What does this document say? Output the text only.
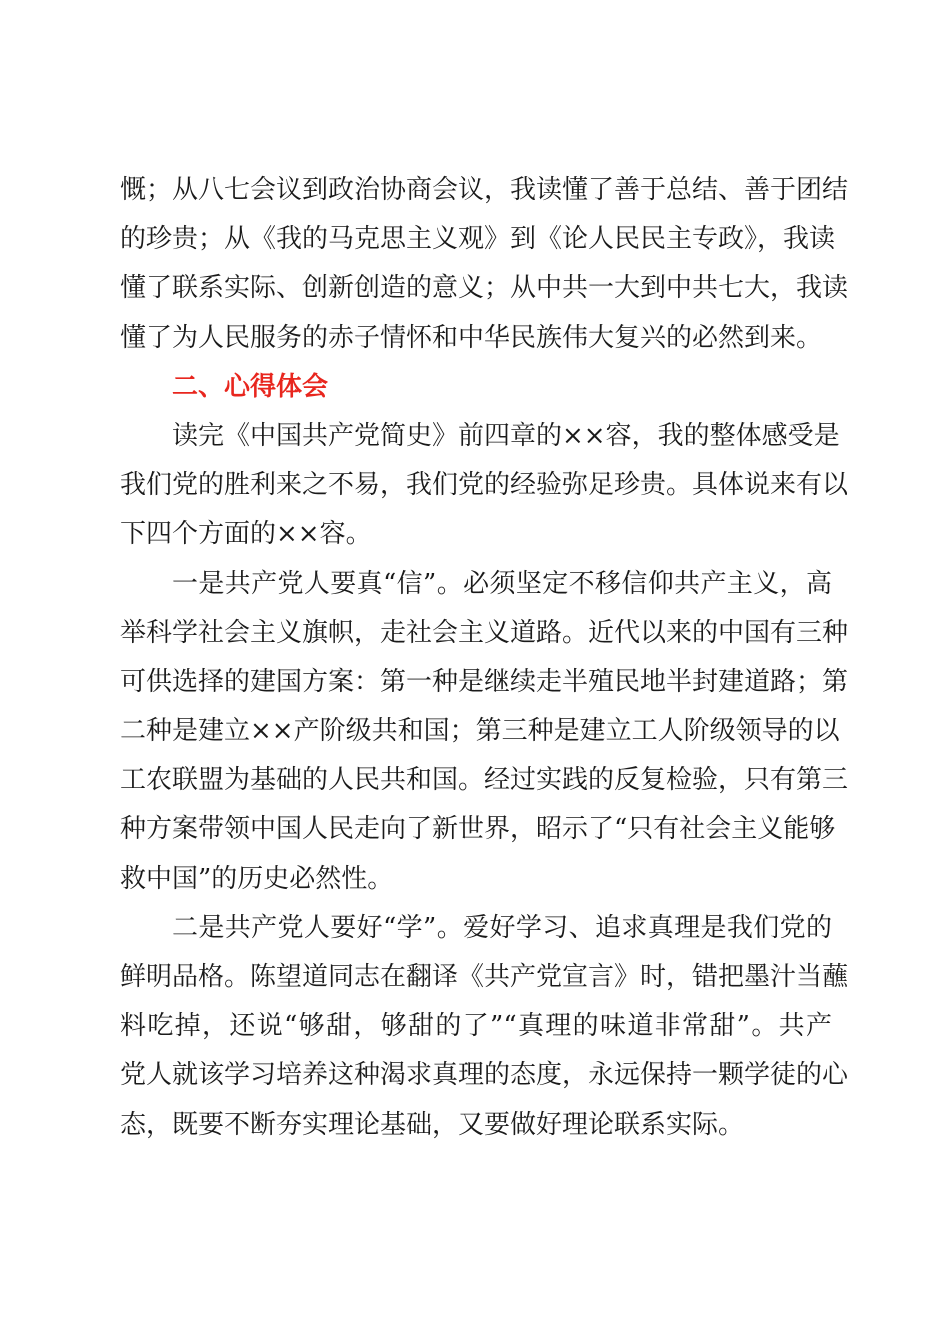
慨；从八七会议到政治协商会议，我读懂了善于总结、善于团结
的珍贵；从《我的马克思主义观》到《论人民民主专政》，我读
懂了联系实际、创新创造的意义；从中共一大到中共七大，我读
懂了为人民服务的赤子情怀和中华民族伟大复兴的必然到来。
二、心得体会
读完《中国共产党简史》前四章的××容，我的整体感受是
我们党的胜利来之不易，我们党的经验弥足珍贵。具体说来有以
下四个方面的××容。
一是共产党人要真“信”。必须坚定不移信仰共产主义，高
举科学社会主义旗帜，走社会主义道路。近代以来的中国有三种
可供选择的建国方案：第一种是继续走半殖民地半封建道路；第
二种是建立××产阶级共和国；第三种是建立工人阶级领导的以
工农联盟为基础的人民共和国。经过实践的反复检验，只有第三
种方案带领中国人民走向了新世界，昭示了“只有社会主义能够
救中国”的历史必然性。
二是共产党人要好“学”。爱好学习、追求真理是我们党的
鲜明品格。陈望道同志在翻译《共产党宣言》时，错把墨汁当蘸
料吃掉，还说“够甜，够甜的了”“真理的味道非常甜”。共产
党人就该学习培养这种渴求真理的态度，永远保持一颗学徒的心
态，既要不断夯实理论基础，又要做好理论联系实际。
